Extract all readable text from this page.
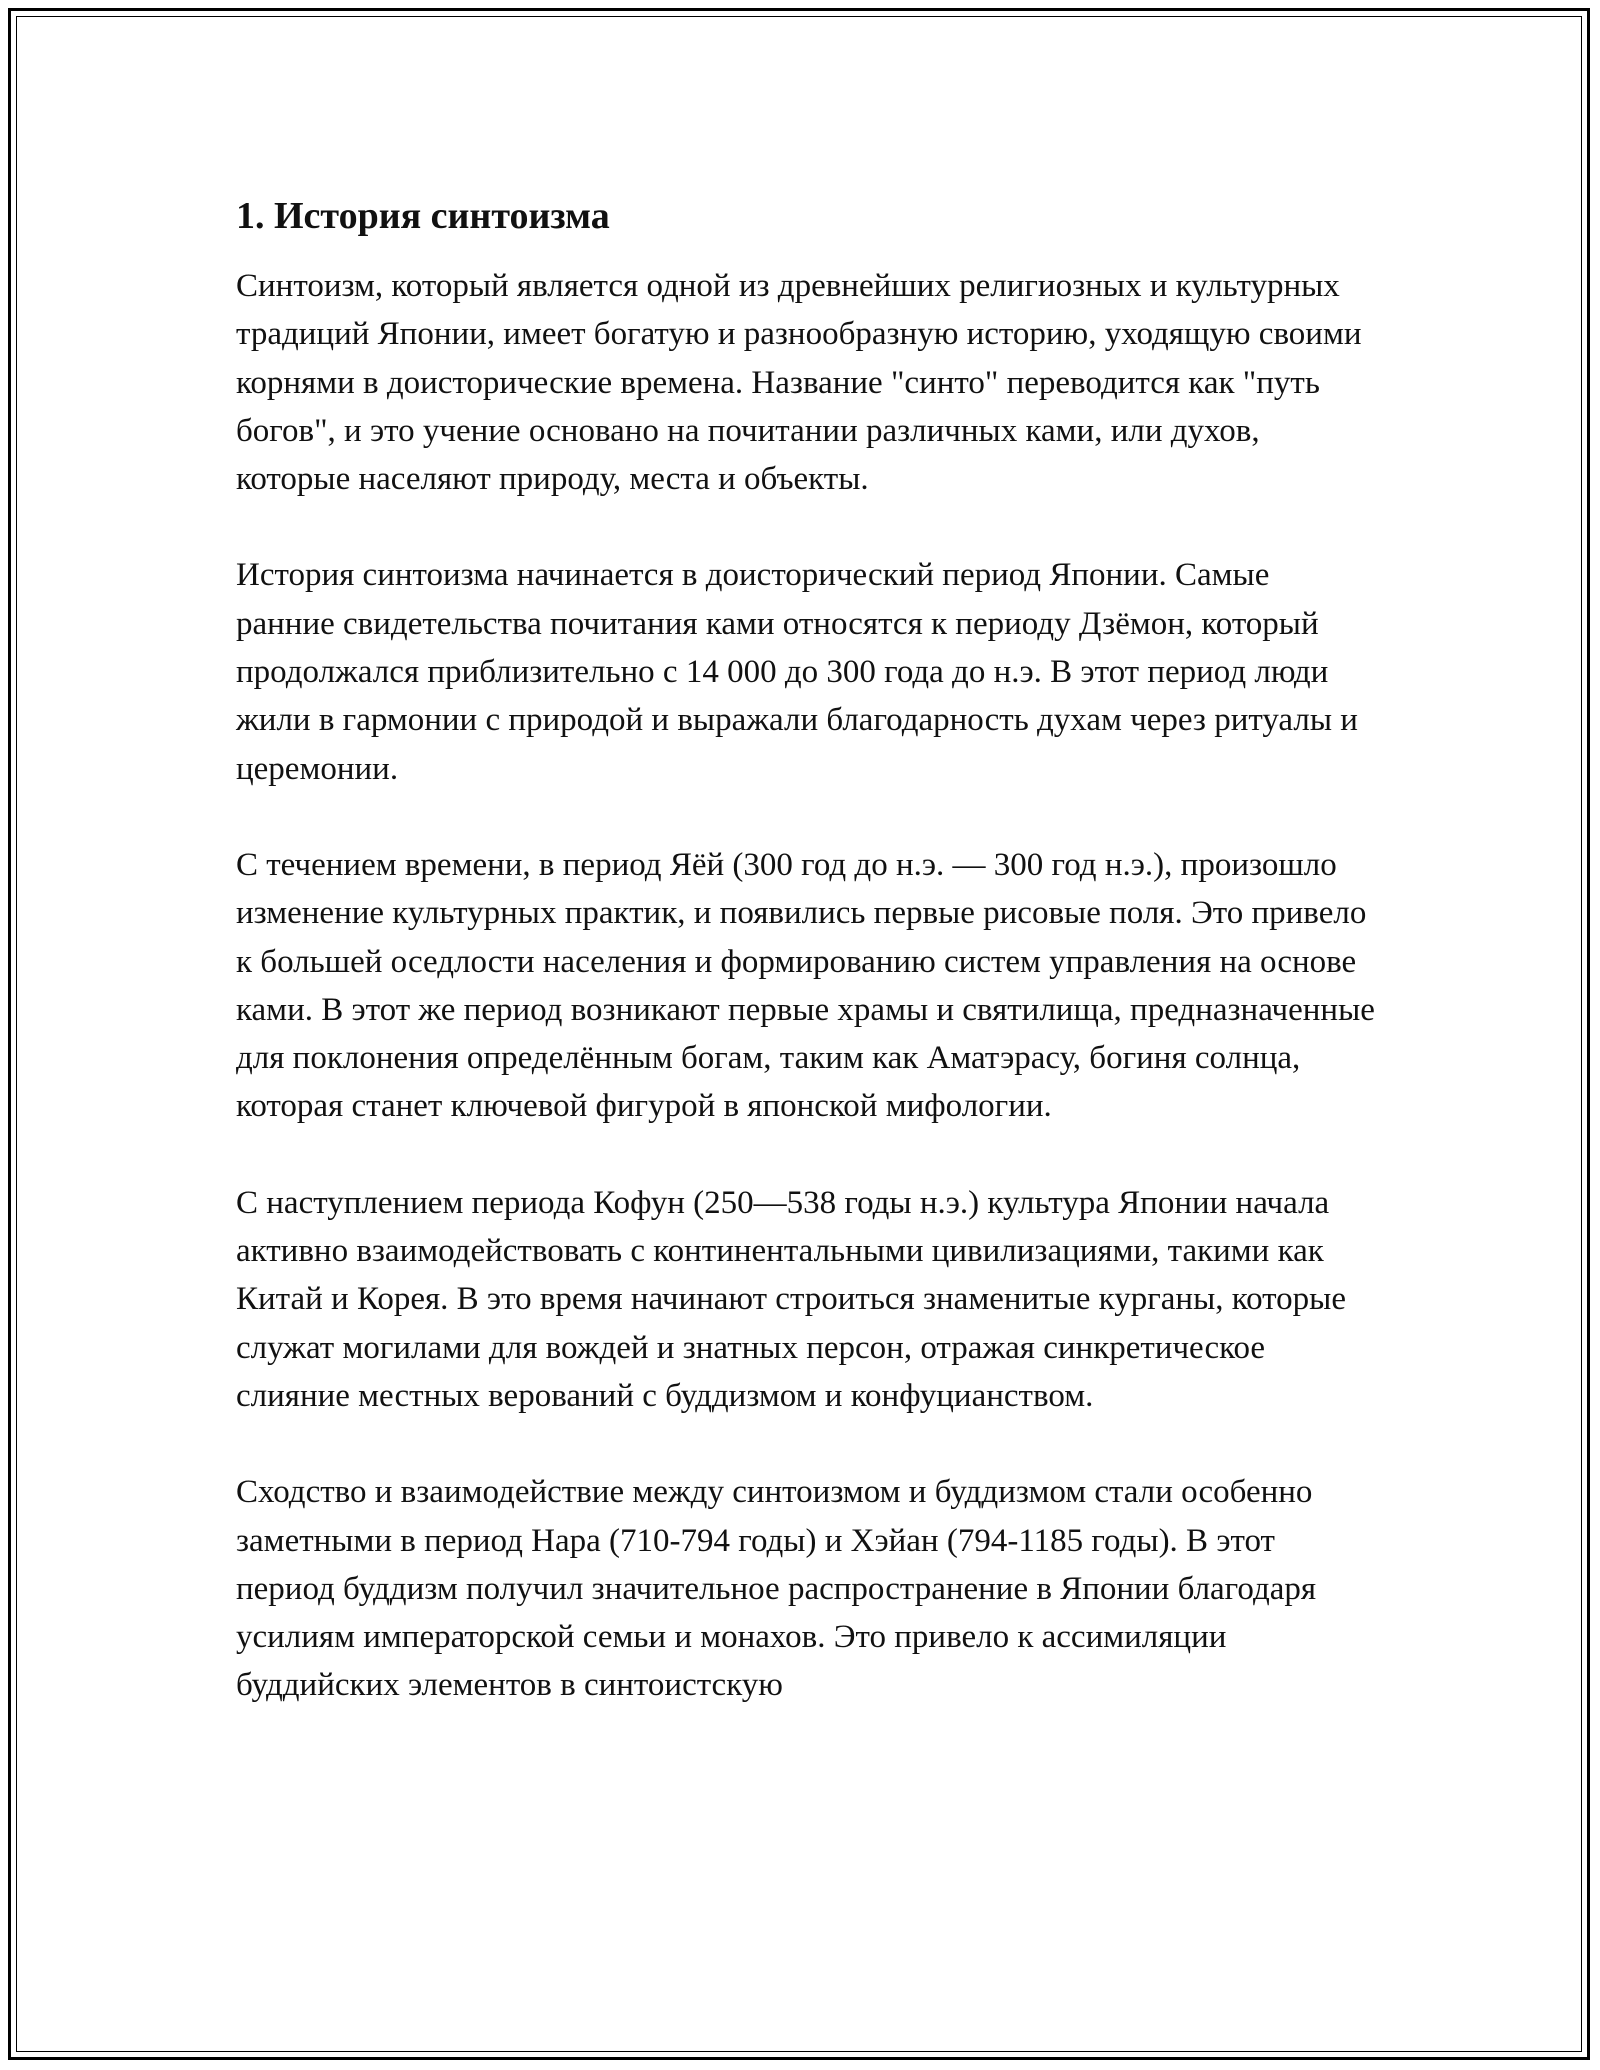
1. История синтоизма

Синтоизм, который является одной из древнейших религиозных и культурных традиций Японии, имеет богатую и разнообразную историю, уходящую своими корнями в доисторические времена. Название "синто" переводится как "путь богов", и это учение основано на почитании различных ками, или духов, которые населяют природу, места и объекты.

История синтоизма начинается в доисторический период Японии. Самые ранние свидетельства почитания ками относятся к периоду Дзёмон, который продолжался приблизительно с 14 000 до 300 года до н.э. В этот период люди жили в гармонии с природой и выражали благодарность духам через ритуалы и церемонии.

С течением времени, в период Яёй (300 год до н.э. — 300 год н.э.), произошло изменение культурных практик, и появились первые рисовые поля. Это привело к большей оседлости населения и формированию систем управления на основе ками. В этот же период возникают первые храмы и святилища, предназначенные для поклонения определённым богам, таким как Аматэрасу, богиня солнца, которая станет ключевой фигурой в японской мифологии.

С наступлением периода Кофун (250—538 годы н.э.) культура Японии начала активно взаимодействовать с континентальными цивилизациями, такими как Китай и Корея. В это время начинают строиться знаменитые курганы, которые служат могилами для вождей и знатных персон, отражая синкретическое слияние местных верований с буддизмом и конфуцианством.

Сходство и взаимодействие между синтоизмом и буддизмом стали особенно заметными в период Нара (710-794 годы) и Хэйан (794-1185 годы). В этот период буддизм получил значительное распространение в Японии благодаря усилиям императорской семьи и монахов. Это привело к ассимиляции буддийских элементов в синтоистскую
